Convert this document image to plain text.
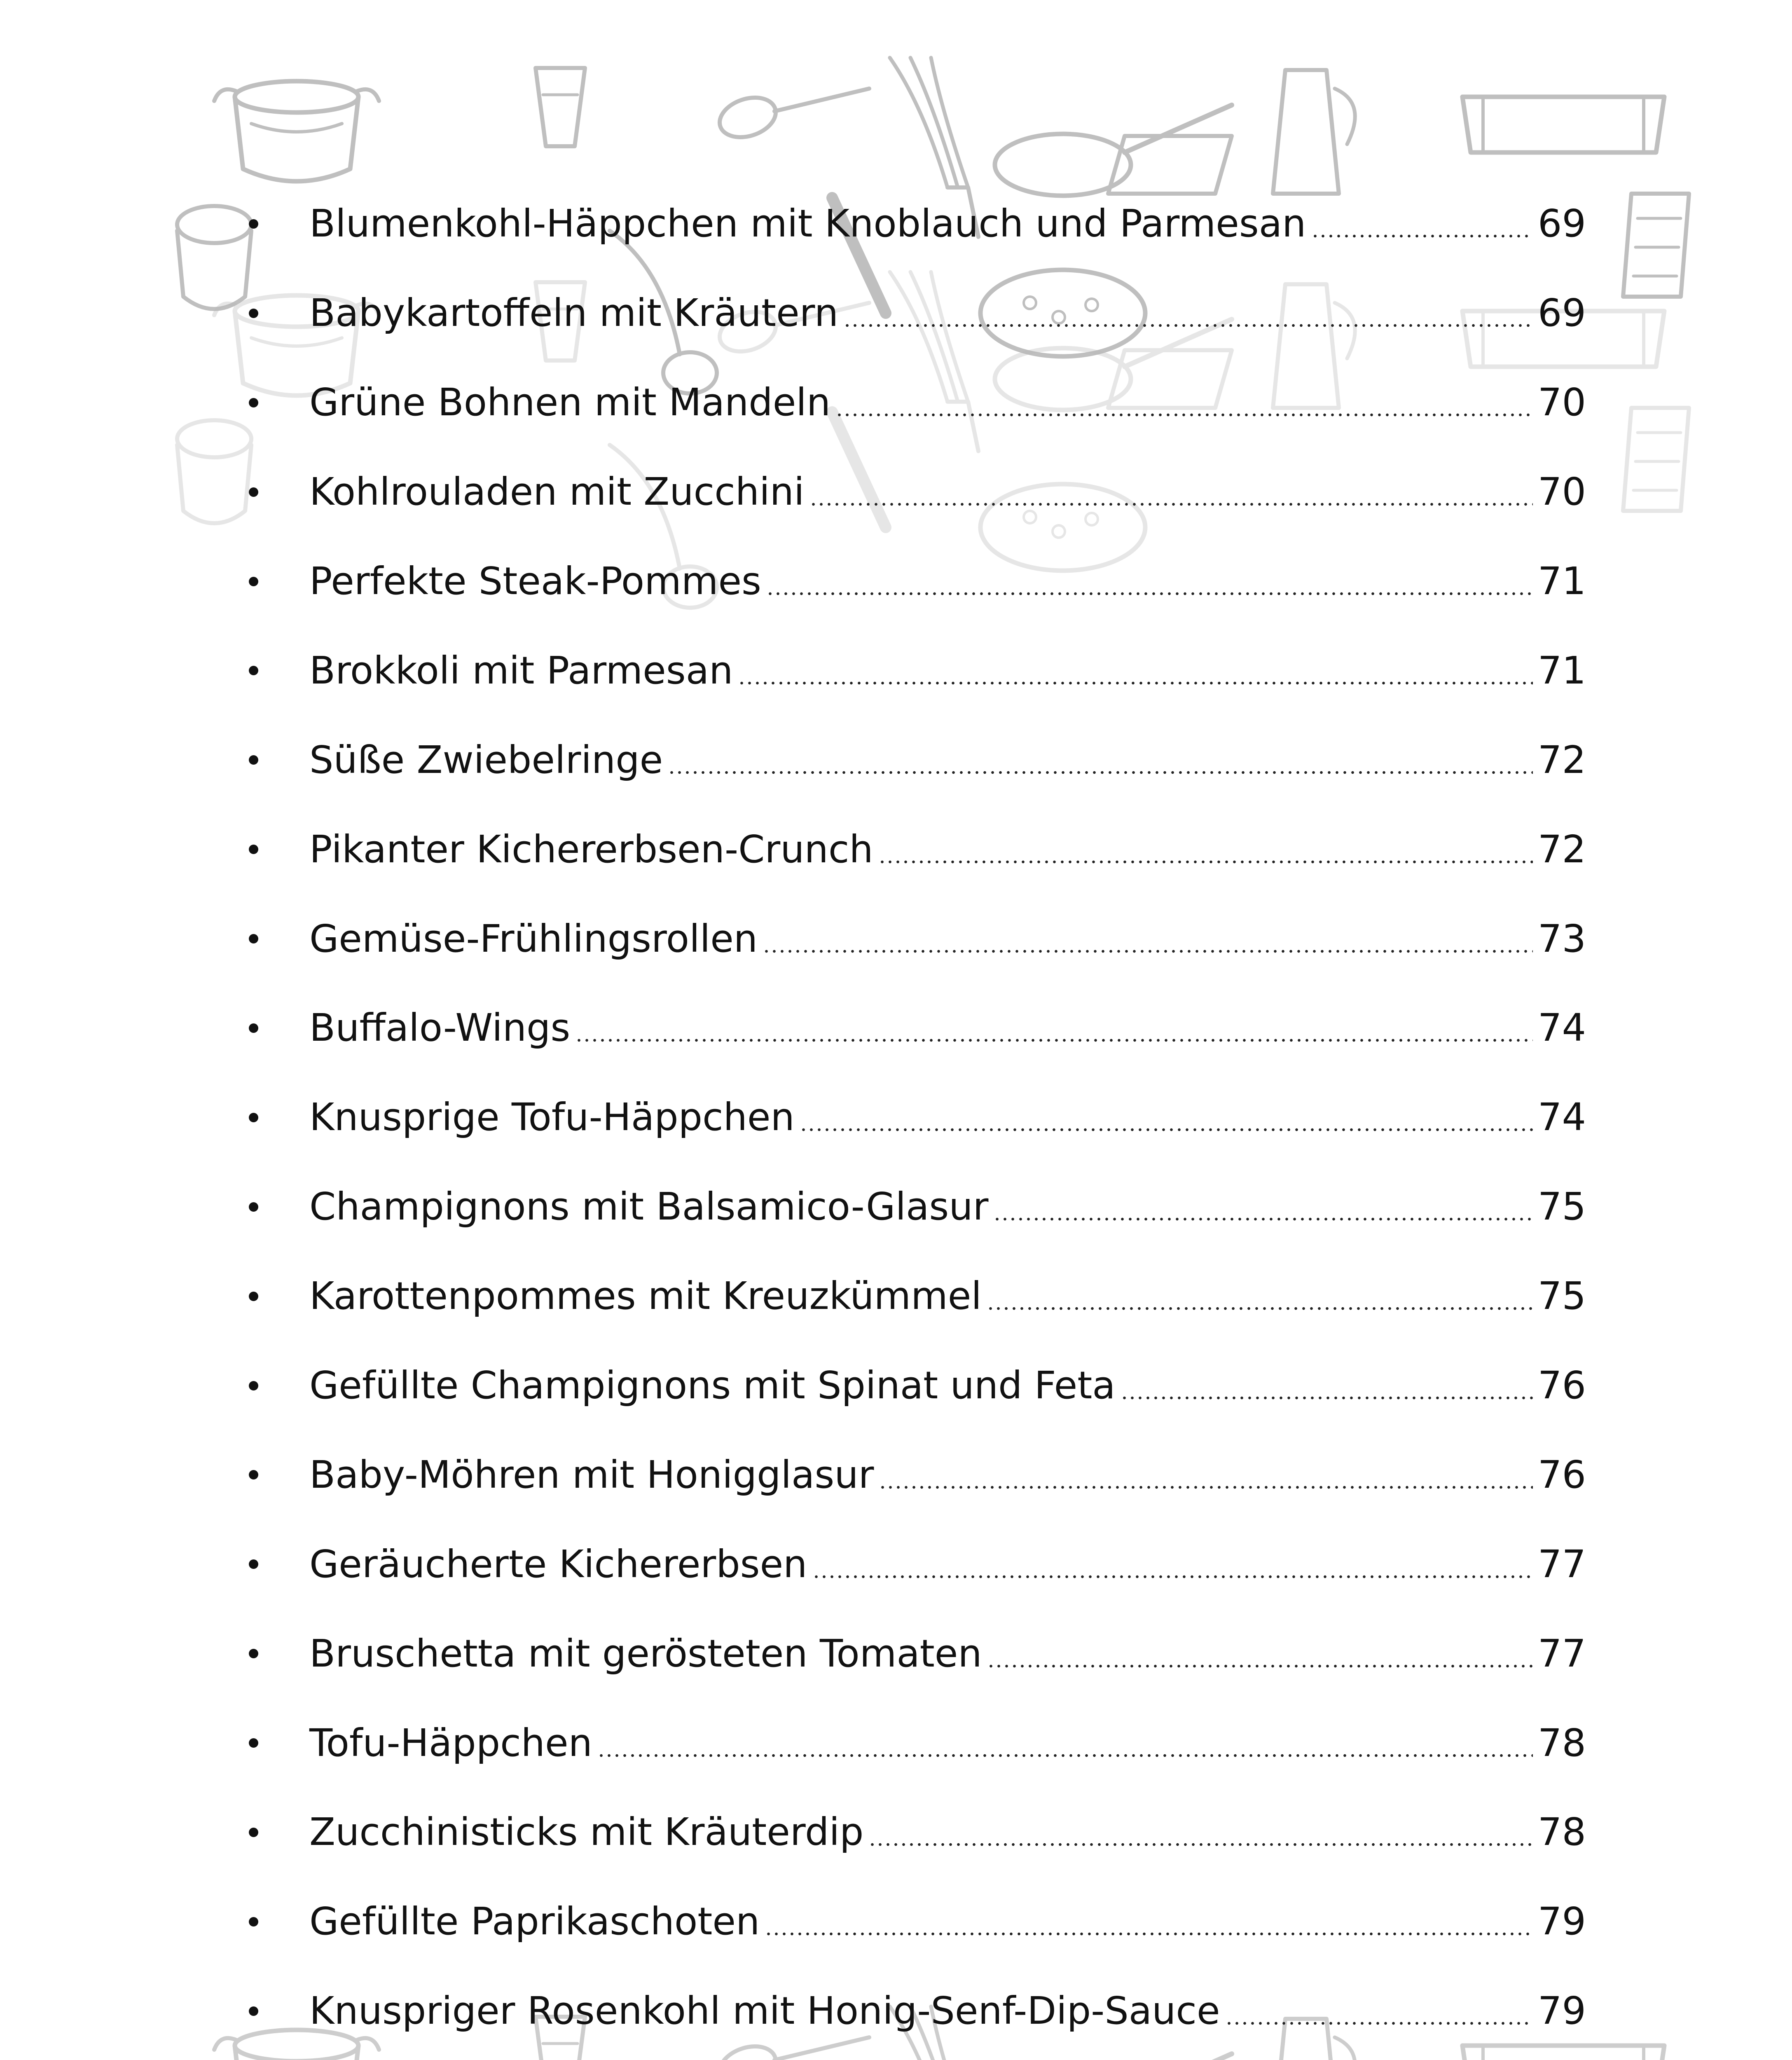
Blumenkohl-Häppchen mit Knoblauch und Parmesan	69
Babykartoffeln mit Kräutern	69
Grüne Bohnen mit Mandeln	70
Kohlrouladen mit Zucchini	70
Perfekte Steak-Pommes	71
Brokkoli mit Parmesan	71
Süße Zwiebelringe	72
Pikanter Kichererbsen-Crunch	72
Gemüse-Frühlingsrollen	73
Buffalo-Wings	74
Knusprige Tofu-Häppchen	74
Champignons mit Balsamico-Glasur	75
Karottenpommes mit Kreuzkümmel	75
Gefüllte Champignons mit Spinat und Feta	76
Baby-Möhren mit Honigglasur	76
Geräucherte Kichererbsen	77
Bruschetta mit gerösteten Tomaten	77
Tofu-Häppchen	78
Zucchinisticks mit Kräuterdip	78
Gefüllte Paprikaschoten	79
Knuspriger Rosenkohl mit Honig-Senf-Dip-Sauce	79
